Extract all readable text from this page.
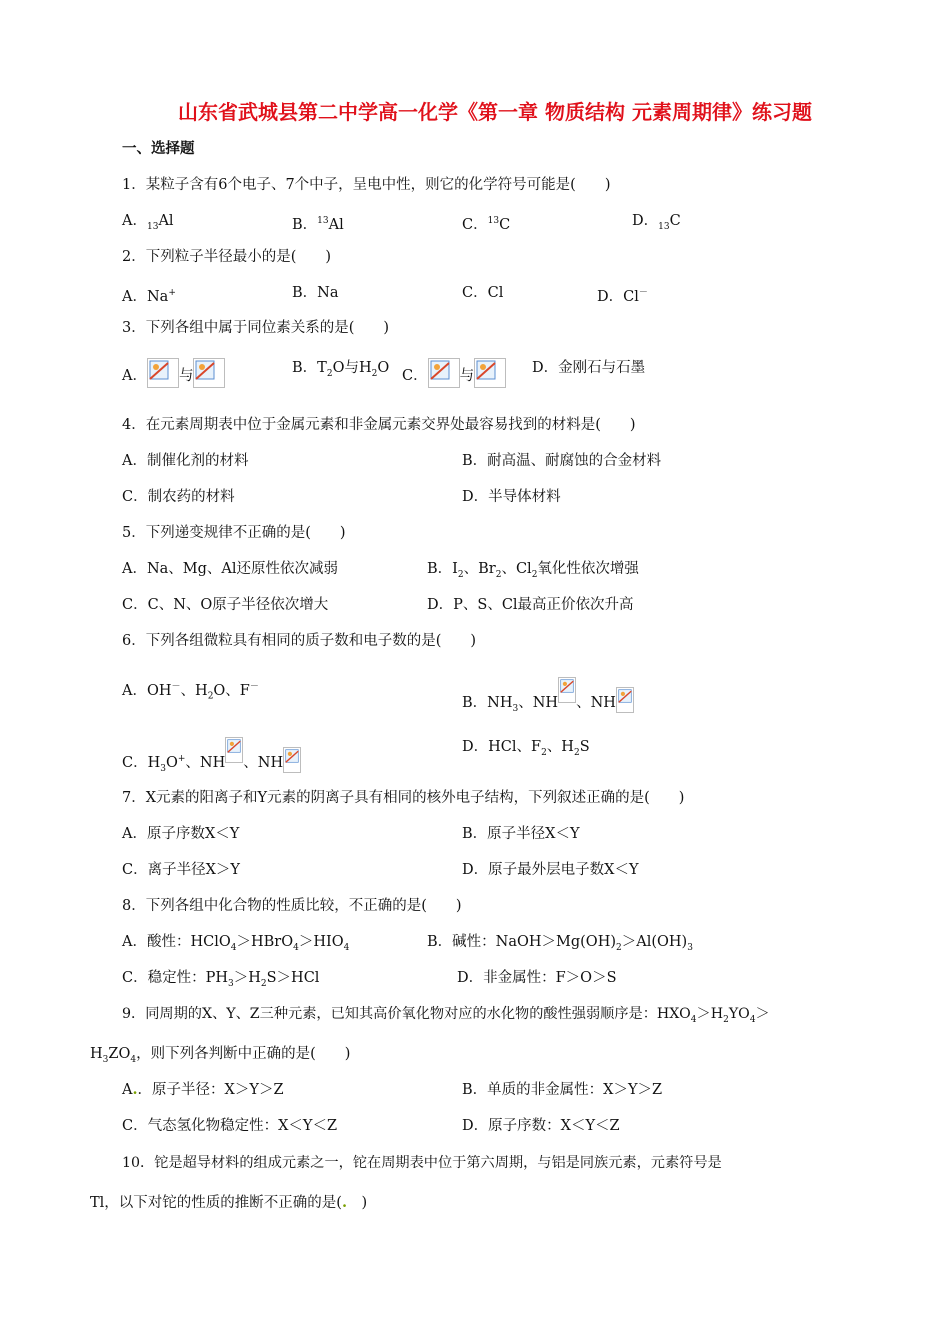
山东省武城县第二中学高一化学《第一章 物质结构 元素周期律》练习题
一、选择题
1．某粒子含有6个电子、7个中子，呈电中性，则它的化学符号可能是(　　)
A．$_{13}$Al	B．$^{13}$Al	C．$^{13}$C	D．$_{13}$C
2．下列粒子半径最小的是(　　)
A．Na+	B．Na	C．Cl	D．Cl－
3．下列各组中属于同位素关系的是(　　)
A． 与	B．$T_2O$与$H_2O$ C． 与	D．金刚石与石墨
4．在元素周期表中位于金属元素和非金属元素交界处最容易找到的材料是(　　)
A．制催化剂的材料	B．耐高温、耐腐蚀的合金材料
C．制农药的材料	D．半导体材料
5．下列递变规律不正确的是(　　)
A．Na、Mg、Al还原性依次减弱	B．$I_2$、$Br_2$、$Cl_2$氧化性依次增强
C．C、N、O原子半径依次增大	D．P、S、Cl最高正价依次升高
6．下列各组微粒具有相同的质子数和电子数的是(　　)
A．OH－、$H_2O$、F－
B．$NH_3$、NH 、NH
C．$H_3O^+$、NH 、NH
D．HCl、$F_2$、$H_2S$
7．X元素的阳离子和Y元素的阴离子具有相同的核外电子结构，下列叙述正确的是(　　)
A．原子序数X＜Y	B．原子半径X＜Y
C．离子半径X＞Y	D．原子最外层电子数X＜Y
8．下列各组中化合物的性质比较，不正确的是(　　)
A．酸性：$HClO_4>HBrO_4>HIO_4$	B．碱性：$NaOH>Mg(OH)_2>Al(OH)_3$
C．稳定性：$PH_3>H_2S>HCl$	D．非金属性：F＞O＞S
9．同周期的X、Y、Z三种元素，已知其高价氧化物对应的水化物的酸性强弱顺序是：$HXO_4>H_2YO_4>$
$H_3ZO_4$，则下列各判断中正确的是(　　)
A.．原子半径：X＞Y＞Z	B．单质的非金属性：X＞Y＞Z
C．气态氢化物稳定性：X＜Y＜Z	D．原子序数：X＜Y＜Z
10．铊是超导材料的组成元素之一，铊在周期表中位于第六周期，与铝是同族元素，元素符号是
Tl，以下对铊的性质的推断不正确的是(.　)
